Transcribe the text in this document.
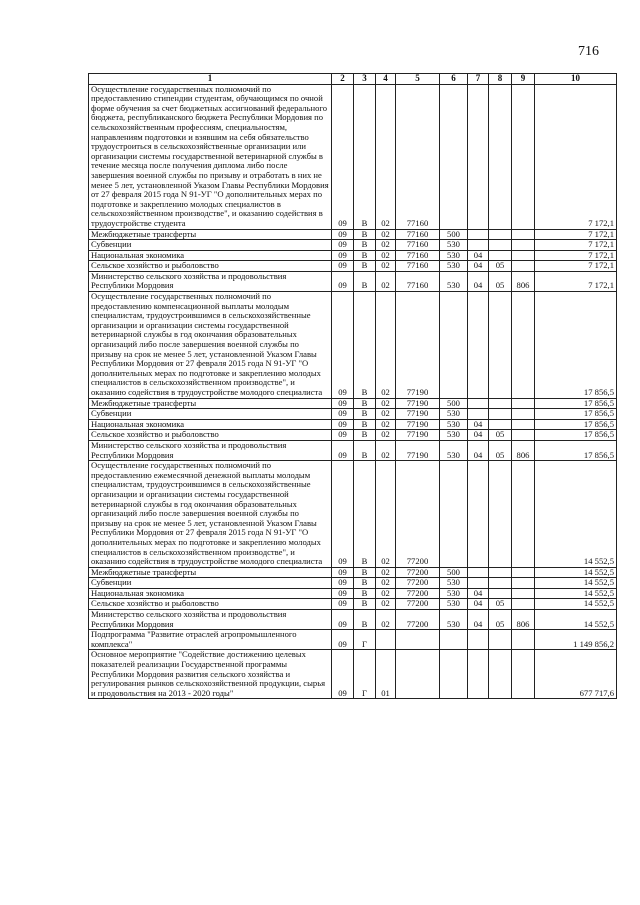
716
1	2	3	4	5	6	7	8	9	10
Осуществление государственных полномочий по предоставлению стипендии студентам, обучающимся по очной форме обучения за счет бюджетных ассигнований федерального бюджета, республиканского бюджета Республики Мордовия по сельскохозяйственным профессиям, специальностям, направлениям подготовки и взявшим на себя обязательство трудоустроиться в сельскохозяйственные организации или организации системы государственной ветеринарной службы в течение месяца после получения диплома либо после завершения военной службы по призыву и отработать в них не менее 5 лет, установленной Указом Главы Республики Мордовия от 27 февраля 2015 года N 91-УГ "О дополнительных мерах по подготовке и закреплению молодых специалистов в сельскохозяйственном производстве", и оказанию содействия в трудоустройстве студента	09	В	02	77160					7 172,1
Межбюджетные трансферты	09	В	02	77160	500				7 172,1
Субвенции	09	В	02	77160	530				7 172,1
Национальная экономика	09	В	02	77160	530	04			7 172,1
Сельское хозяйство и рыболовство	09	В	02	77160	530	04	05		7 172,1
Министерство сельского хозяйства и продовольствия Республики Мордовия	09	В	02	77160	530	04	05	806	7 172,1
Осуществление государственных полномочий по предоставлению компенсационной выплаты молодым специалистам, трудоустроившимся в сельскохозяйственные организации и организации системы государственной ветеринарной службы в год окончания образовательных организаций либо после завершения военной службы по призыву на срок не менее 5 лет, установленной Указом Главы Республики Мордовия от 27 февраля 2015 года N 91-УГ "О дополнительных мерах по подготовке и закреплению молодых специалистов в сельскохозяйственном производстве", и оказанию содействия в трудоустройстве молодого специалиста	09	В	02	77190					17 856,5
Межбюджетные трансферты	09	В	02	77190	500				17 856,5
Субвенции	09	В	02	77190	530				17 856,5
Национальная экономика	09	В	02	77190	530	04			17 856,5
Сельское хозяйство и рыболовство	09	В	02	77190	530	04	05		17 856,5
Министерство сельского хозяйства и продовольствия Республики Мордовия	09	В	02	77190	530	04	05	806	17 856,5
Осуществление государственных полномочий по предоставлению ежемесячной денежной выплаты молодым специалистам, трудоустроившимся в сельскохозяйственные организации и организации системы государственной ветеринарной службы в год окончания образовательных организаций либо после завершения военной службы по призыву на срок не менее 5 лет, установленной Указом Главы Республики Мордовия от 27 февраля 2015 года N 91-УГ "О дополнительных мерах по подготовке и закреплению молодых специалистов в сельскохозяйственном производстве", и оказанию содействия в трудоустройстве молодого специалиста	09	В	02	77200					14 552,5
Межбюджетные трансферты	09	В	02	77200	500				14 552,5
Субвенции	09	В	02	77200	530				14 552,5
Национальная экономика	09	В	02	77200	530	04			14 552,5
Сельское хозяйство и рыболовство	09	В	02	77200	530	04	05		14 552,5
Министерство сельского хозяйства и продовольствия Республики Мордовия	09	В	02	77200	530	04	05	806	14 552,5
Подпрограмма "Развитие отраслей агропромышленного комплекса"	09	Г							1 149 856,2
Основное мероприятие "Содействие достижению целевых показателей реализации Государственной программы Республики Мордовия развития сельского хозяйства и регулирования рынков сельскохозяйственной продукции, сырья и продовольствия на 2013 - 2020 годы"	09	Г	01						677 717,6
